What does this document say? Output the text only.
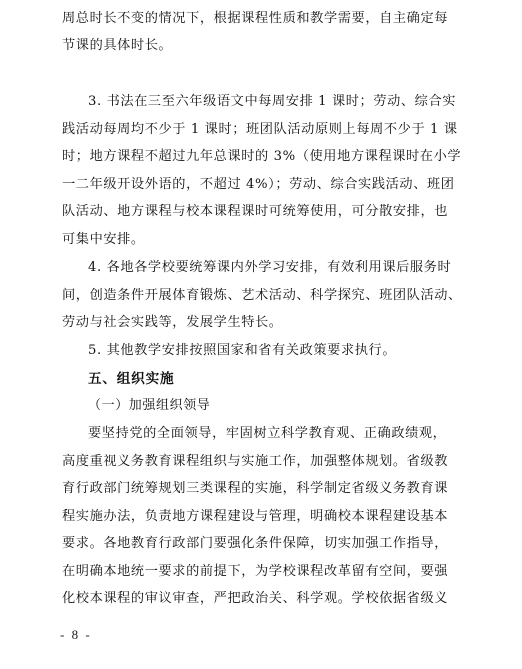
周总时长不变的情况下，根据课程性质和教学需要，自主确定每
节课的具体时长。
3. 书法在三至六年级语文中每周安排 1 课时；劳动、综合实
践活动每周均不少于 1 课时；班团队活动原则上每周不少于 1 课
时；地方课程不超过九年总课时的 3%（使用地方课程课时在小学
一二年级开设外语的，不超过 4%）；劳动、综合实践活动、班团
队活动、地方课程与校本课程课时可统筹使用，可分散安排，也
可集中安排。
4. 各地各学校要统筹课内外学习安排，有效利用课后服务时
间，创造条件开展体育锻炼、艺术活动、科学探究、班团队活动、
劳动与社会实践等，发展学生特长。
5. 其他教学安排按照国家和省有关政策要求执行。
五、组织实施
（一）加强组织领导
要坚持党的全面领导，牢固树立科学教育观、正确政绩观，
高度重视义务教育课程组织与实施工作，加强整体规划。省级教
育行政部门统筹规划三类课程的实施，科学制定省级义务教育课
程实施办法，负责地方课程建设与管理，明确校本课程建设基本
要求。各地教育行政部门要强化条件保障，切实加强工作指导，
在明确本地统一要求的前提下，为学校课程改革留有空间，要强
化校本课程的审议审查，严把政治关、科学观。学校依据省级义
- 8 -
